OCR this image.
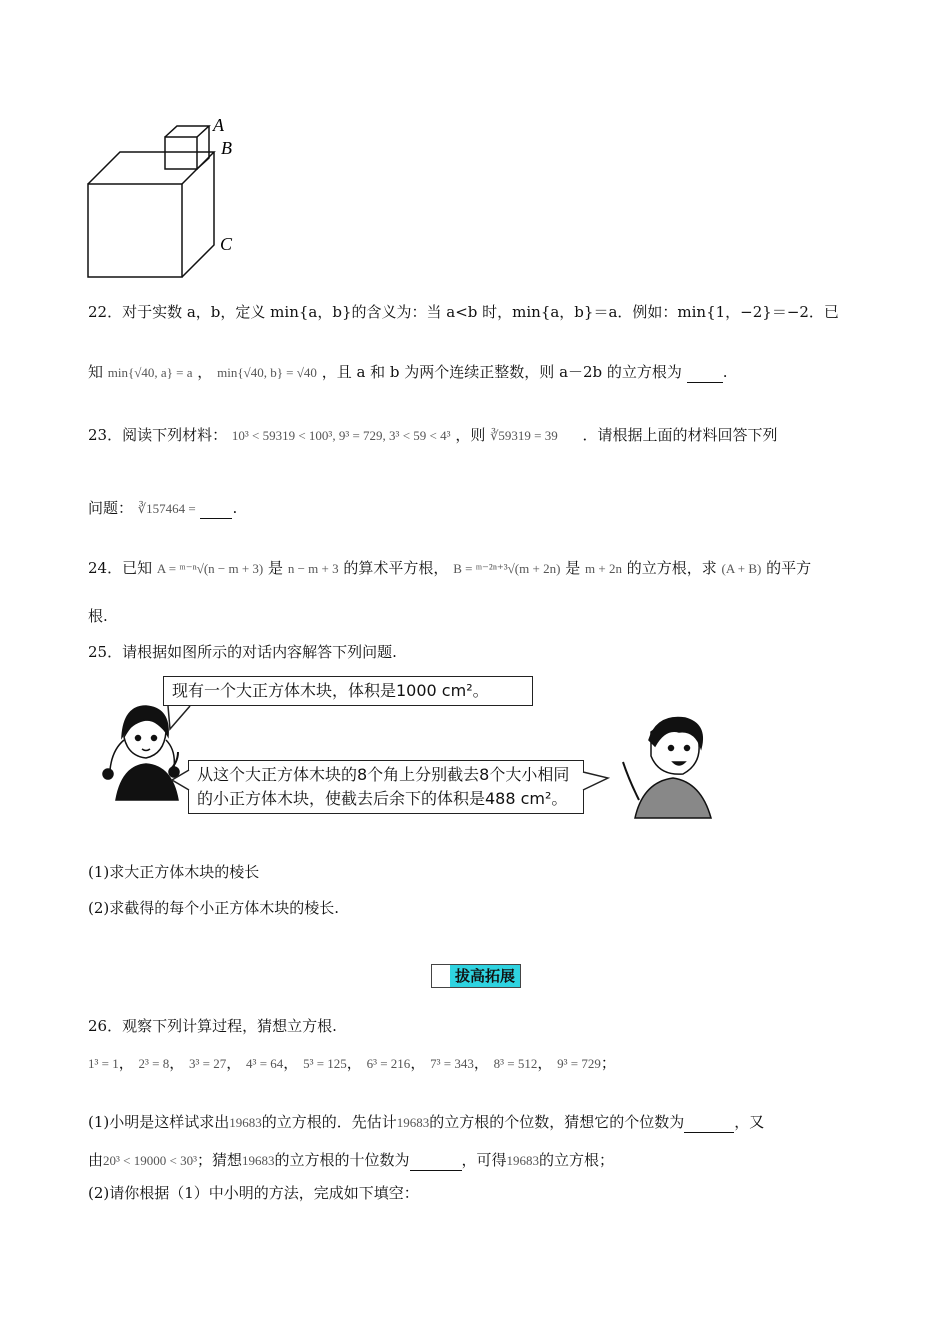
A
B
C
22．对于实数 a，b，定义 min{a，b}的含义为：当 a<b 时，min{a，b}＝a．例如：min{1，−2}＝−2．已
知 min{√40, a} = a ， min{√40, b} = √40 ，且 a 和 b 为两个连续正整数，则 a－2b 的立方根为	.
23．阅读下列材料： 10³ < 59319 < 100³, 9³ = 729, 3³ < 59 < 4³ ，则 ∛59319 = 39 ．请根据上面的材料回答下列
问题： ∛157464 = .
24．已知 A = ᵐ⁻ⁿ√(n − m + 3) 是 n − m + 3 的算术平方根， B = ᵐ⁻²ⁿ⁺³√(m + 2n) 是 m + 2n 的立方根，求 (A + B) 的平方
根.
25．请根据如图所示的对话内容解答下列问题.
现有一个大正方体木块，体积是1000 cm²。
从这个大正方体木块的8个角上分别截去8个大小相同的小正方体木块，使截去后余下的体积是488 cm²。
(1)求大正方体木块的棱长
(2)求截得的每个小正方体木块的棱长.
拔高拓展
26．观察下列计算过程，猜想立方根.
1³ = 1， 2³ = 8， 3³ = 27， 4³ = 64， 5³ = 125， 6³ = 216， 7³ = 343， 8³ = 512， 9³ = 729；
(1)小明是这样试求出19683的立方根的．先估计19683的立方根的个位数，猜想它的个位数为	，又
由20³ < 19000 < 30³；猜想19683的立方根的十位数为	，可得19683的立方根；
(2)请你根据（1）中小明的方法，完成如下填空：
